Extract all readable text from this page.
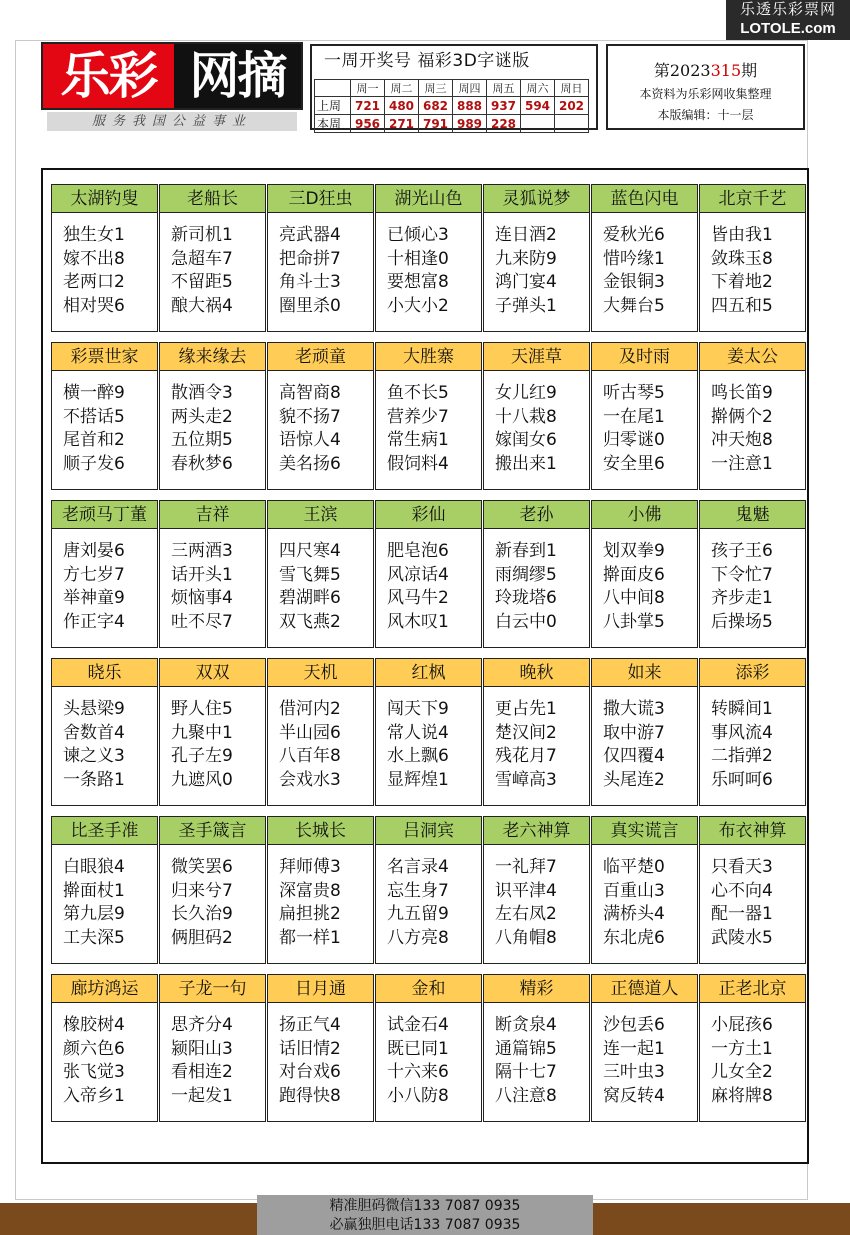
乐透乐彩票网
LOTOLE.com
乐彩 网摘
服务我国公益事业
一周开奖号 福彩3D字谜版
	周一	周二	周三	周四	周五	周六	周日
上周	721	480	682	888	937	594	202
本周	956	271	791	989	228		
第2023315期
本资料为乐彩网收集整理
本版编辑：十一层
太湖钓叟
独生女1
嫁不出8
老两口2
相对哭6
老船长
新司机1
急超车7
不留距5
酿大祸4
三D狂虫
亮武器4
把命拼7
角斗士3
圈里杀0
湖光山色
已倾心3
十相逢0
要想富8
小大小2
灵狐说梦
连日酒2
九来防9
鸿门宴4
子弹头1
蓝色闪电
爱秋光6
惜吟缘1
金银铜3
大舞台5
北京千艺
皆由我1
敛珠玉8
下着地2
四五和5
彩票世家
横一醉9
不搭话5
尾首和2
顺子发6
缘来缘去
散酒令3
两头走2
五位期5
春秋梦6
老顽童
高智商8
貌不扬7
语惊人4
美名扬6
大胜寨
鱼不长5
营养少7
常生病1
假饲料4
天涯草
女儿红9
十八栽8
嫁闺女6
搬出来1
及时雨
听古琴5
一在尾1
归零谜0
安全里6
姜太公
鸣长笛9
擀俩个2
冲天炮8
一注意1
老顽马丁董
唐刘晏6
方七岁7
举神童9
作正字4
吉祥
三两酒3
话开头1
烦恼事4
吐不尽7
王滨
四尺寒4
雪飞舞5
碧湖畔6
双飞燕2
彩仙
肥皂泡6
风凉话4
风马牛2
风木叹1
老孙
新春到1
雨绸缪5
玲珑塔6
白云中0
小佛
划双拳9
擀面皮6
八中间8
八卦掌5
鬼魅
孩子王6
下令忙7
齐步走1
后操场5
晓乐
头悬梁9
舍数首4
谏之义3
一条路1
双双
野人住5
九聚中1
孔子左9
九遮风0
天机
借河内2
半山园6
八百年8
会戏水3
红枫
闯天下9
常人说4
水上飘6
显辉煌1
晚秋
更占先1
楚汉间2
残花月7
雪嶂高3
如来
撒大谎3
取中游7
仅四覆4
头尾连2
添彩
转瞬间1
事风流4
二指弹2
乐呵呵6
比圣手准
白眼狼4
擀面杖1
第九层9
工夫深5
圣手箴言
微笑罢6
归来兮7
长久治9
俩胆码2
长城长
拜师傅3
深富贵8
扁担挑2
都一样1
吕洞宾
名言录4
忘生身7
九五留9
八方亮8
老六神算
一礼拜7
识平津4
左右凤2
八角帽8
真实谎言
临平楚0
百重山3
满桥头4
东北虎6
布衣神算
只看天3
心不向4
配一器1
武陵水5
廊坊鸿运
橡胶树4
颜六色6
张飞觉3
入帝乡1
子龙一句
思齐分4
颍阳山3
看相连2
一起发1
日月通
扬正气4
话旧情2
对台戏6
跑得快8
金和
试金石4
既已同1
十六来6
小八防8
精彩
断贪泉4
通篇锦5
隔十七7
八注意8
正德道人
沙包丢6
连一起1
三叶虫3
窝反转4
正老北京
小屁孩6
一方土1
儿女全2
麻将牌8
精准胆码微信133 7087 0935
必赢独胆电话133 7087 0935
